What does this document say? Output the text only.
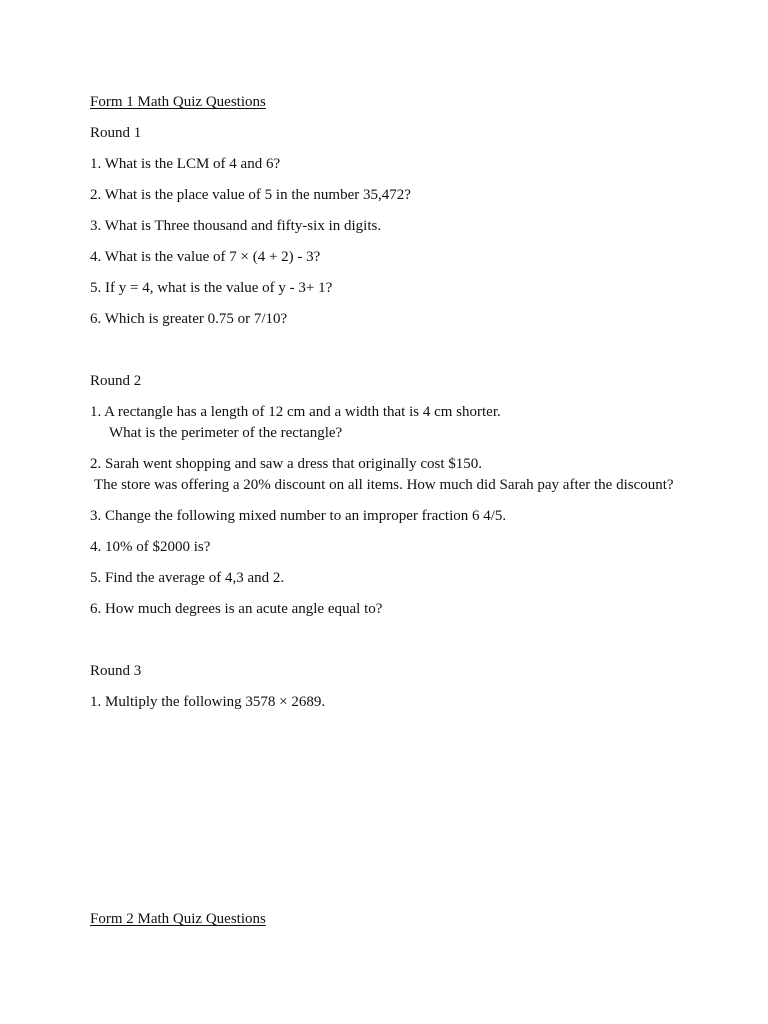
Form 1 Math Quiz Questions
Round 1
1. What is the LCM of 4 and 6?
2. What is the place value of 5 in the number 35,472?
3. What is Three thousand and fifty-six in digits.
4. What is the value of 7 × (4 + 2) - 3?
5. If y = 4, what is the value of y - 3+ 1?
6. Which is greater 0.75 or 7/10?
Round 2
1. A rectangle has a length of 12 cm and a width that is 4 cm shorter.
What is the perimeter of the rectangle?
2. Sarah went shopping and saw a dress that originally cost $150.
The store was offering a 20% discount on all items. How much did Sarah pay after the discount?
3. Change the following mixed number to an improper fraction 6 4/5.
4. 10% of $2000 is?
5. Find the average of 4,3 and 2.
6. How much degrees is an acute angle equal to?
Round 3
1. Multiply the following 3578 × 2689.
Form 2 Math Quiz Questions
